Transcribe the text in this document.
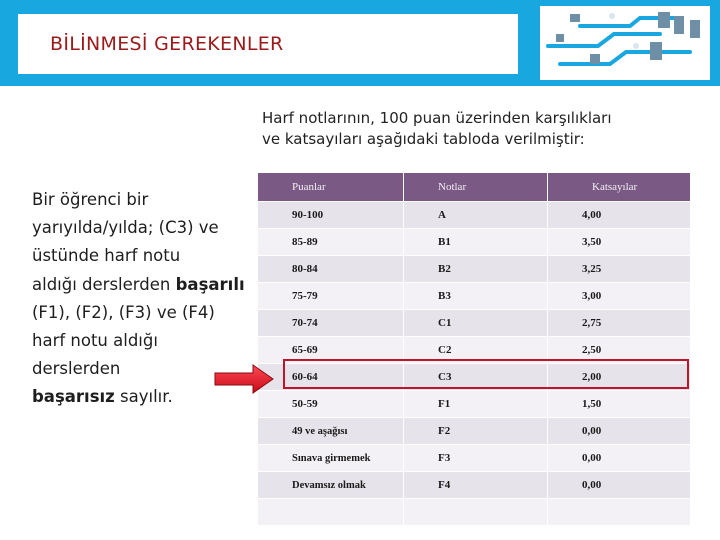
BİLİNMESİ GEREKENLER
Harf notlarının, 100 puan üzerinden karşılıkları
ve katsayıları aşağıdaki tabloda verilmiştir:
Bir öğrenci bir
yarıyılda/yılda; (C3) ve
üstünde harf notu
aldığı derslerden başarılı
(F1), (F2), (F3) ve (F4)
harf notu aldığı
derslerden
başarısız sayılır.
Puanlar	Notlar	Katsayılar
90-100	A	4,00
85-89	B1	3,50
80-84	B2	3,25
75-79	B3	3,00
70-74	C1	2,75
65-69	C2	2,50
60-64	C3	2,00
50-59	F1	1,50
49 ve aşağısı	F2	0,00
Sınava girmemek	F3	0,00
Devamsız olmak	F4	0,00
